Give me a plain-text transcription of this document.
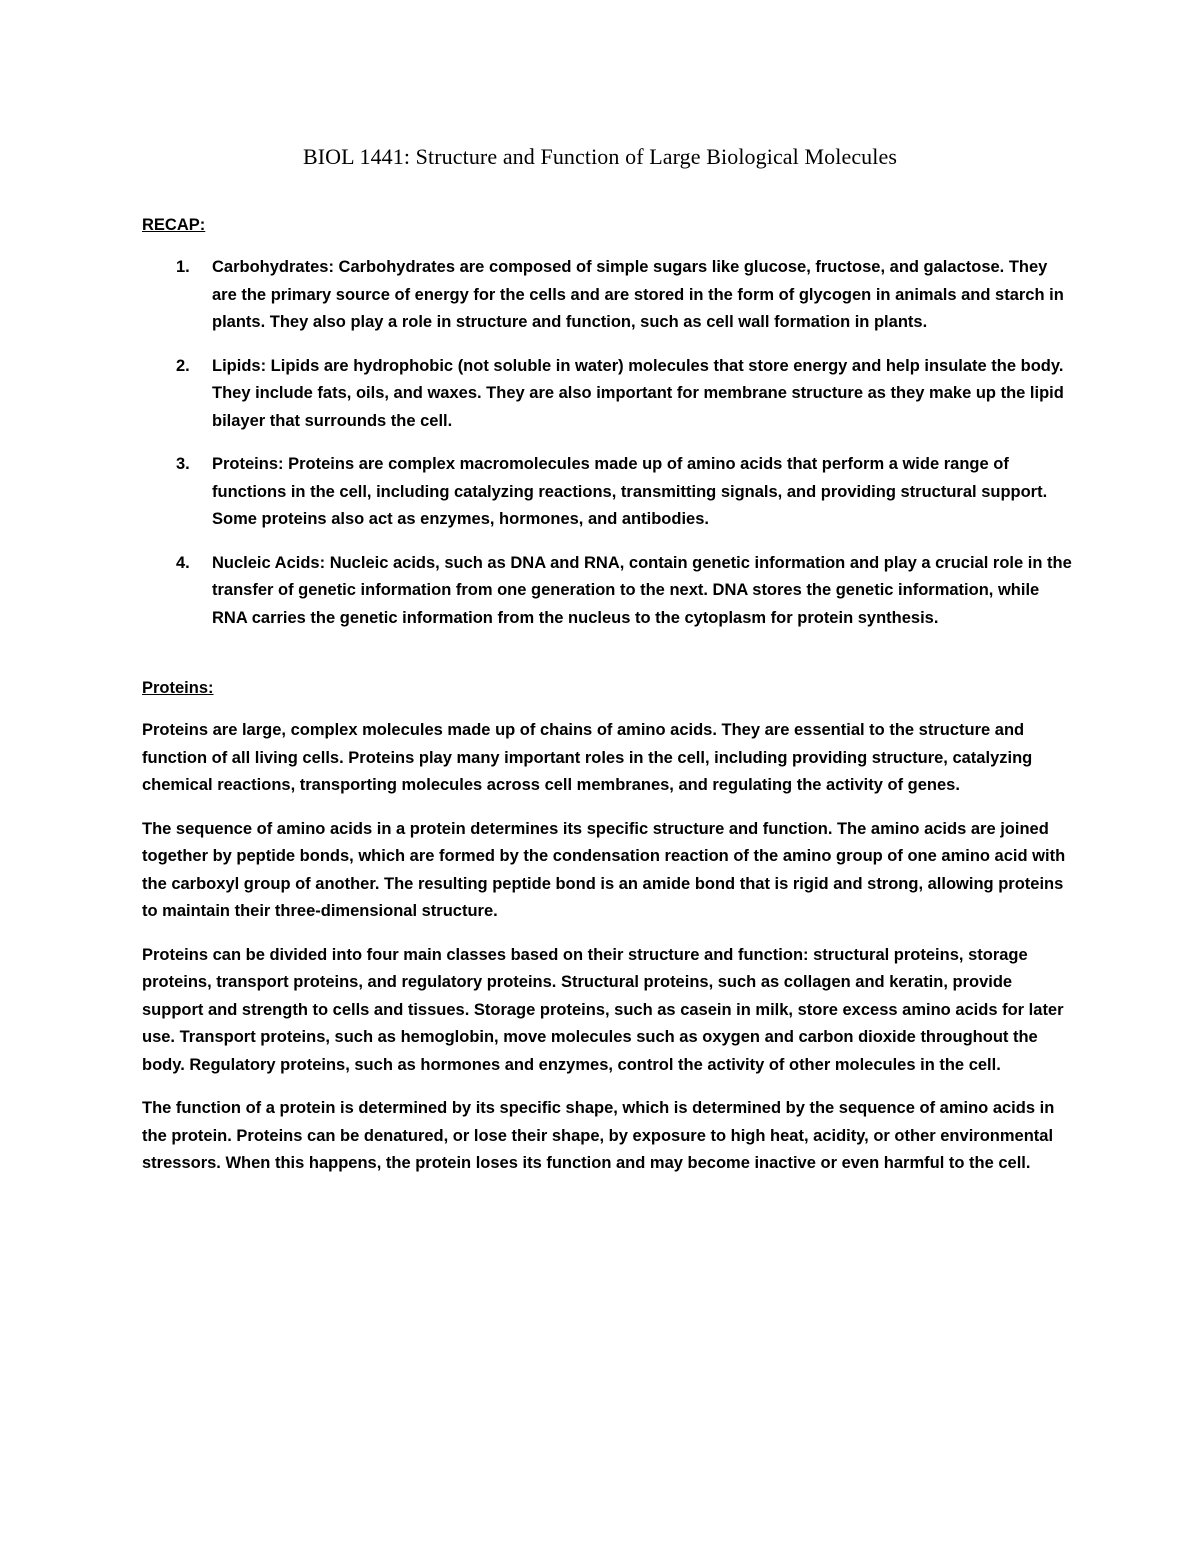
BIOL 1441: Structure and Function of Large Biological Molecules
RECAP:
1. Carbohydrates: Carbohydrates are composed of simple sugars like glucose, fructose, and galactose. They are the primary source of energy for the cells and are stored in the form of glycogen in animals and starch in plants. They also play a role in structure and function, such as cell wall formation in plants.
2. Lipids: Lipids are hydrophobic (not soluble in water) molecules that store energy and help insulate the body. They include fats, oils, and waxes. They are also important for membrane structure as they make up the lipid bilayer that surrounds the cell.
3. Proteins: Proteins are complex macromolecules made up of amino acids that perform a wide range of functions in the cell, including catalyzing reactions, transmitting signals, and providing structural support. Some proteins also act as enzymes, hormones, and antibodies.
4. Nucleic Acids: Nucleic acids, such as DNA and RNA, contain genetic information and play a crucial role in the transfer of genetic information from one generation to the next. DNA stores the genetic information, while RNA carries the genetic information from the nucleus to the cytoplasm for protein synthesis.
Proteins:

Proteins are large, complex molecules made up of chains of amino acids. They are essential to the structure and function of all living cells. Proteins play many important roles in the cell, including providing structure, catalyzing chemical reactions, transporting molecules across cell membranes, and regulating the activity of genes.

The sequence of amino acids in a protein determines its specific structure and function. The amino acids are joined together by peptide bonds, which are formed by the condensation reaction of the amino group of one amino acid with the carboxyl group of another. The resulting peptide bond is an amide bond that is rigid and strong, allowing proteins to maintain their three-dimensional structure.

Proteins can be divided into four main classes based on their structure and function: structural proteins, storage proteins, transport proteins, and regulatory proteins. Structural proteins, such as collagen and keratin, provide support and strength to cells and tissues. Storage proteins, such as casein in milk, store excess amino acids for later use. Transport proteins, such as hemoglobin, move molecules such as oxygen and carbon dioxide throughout the body. Regulatory proteins, such as hormones and enzymes, control the activity of other molecules in the cell.

The function of a protein is determined by its specific shape, which is determined by the sequence of amino acids in the protein. Proteins can be denatured, or lose their shape, by exposure to high heat, acidity, or other environmental stressors. When this happens, the protein loses its function and may become inactive or even harmful to the cell.
